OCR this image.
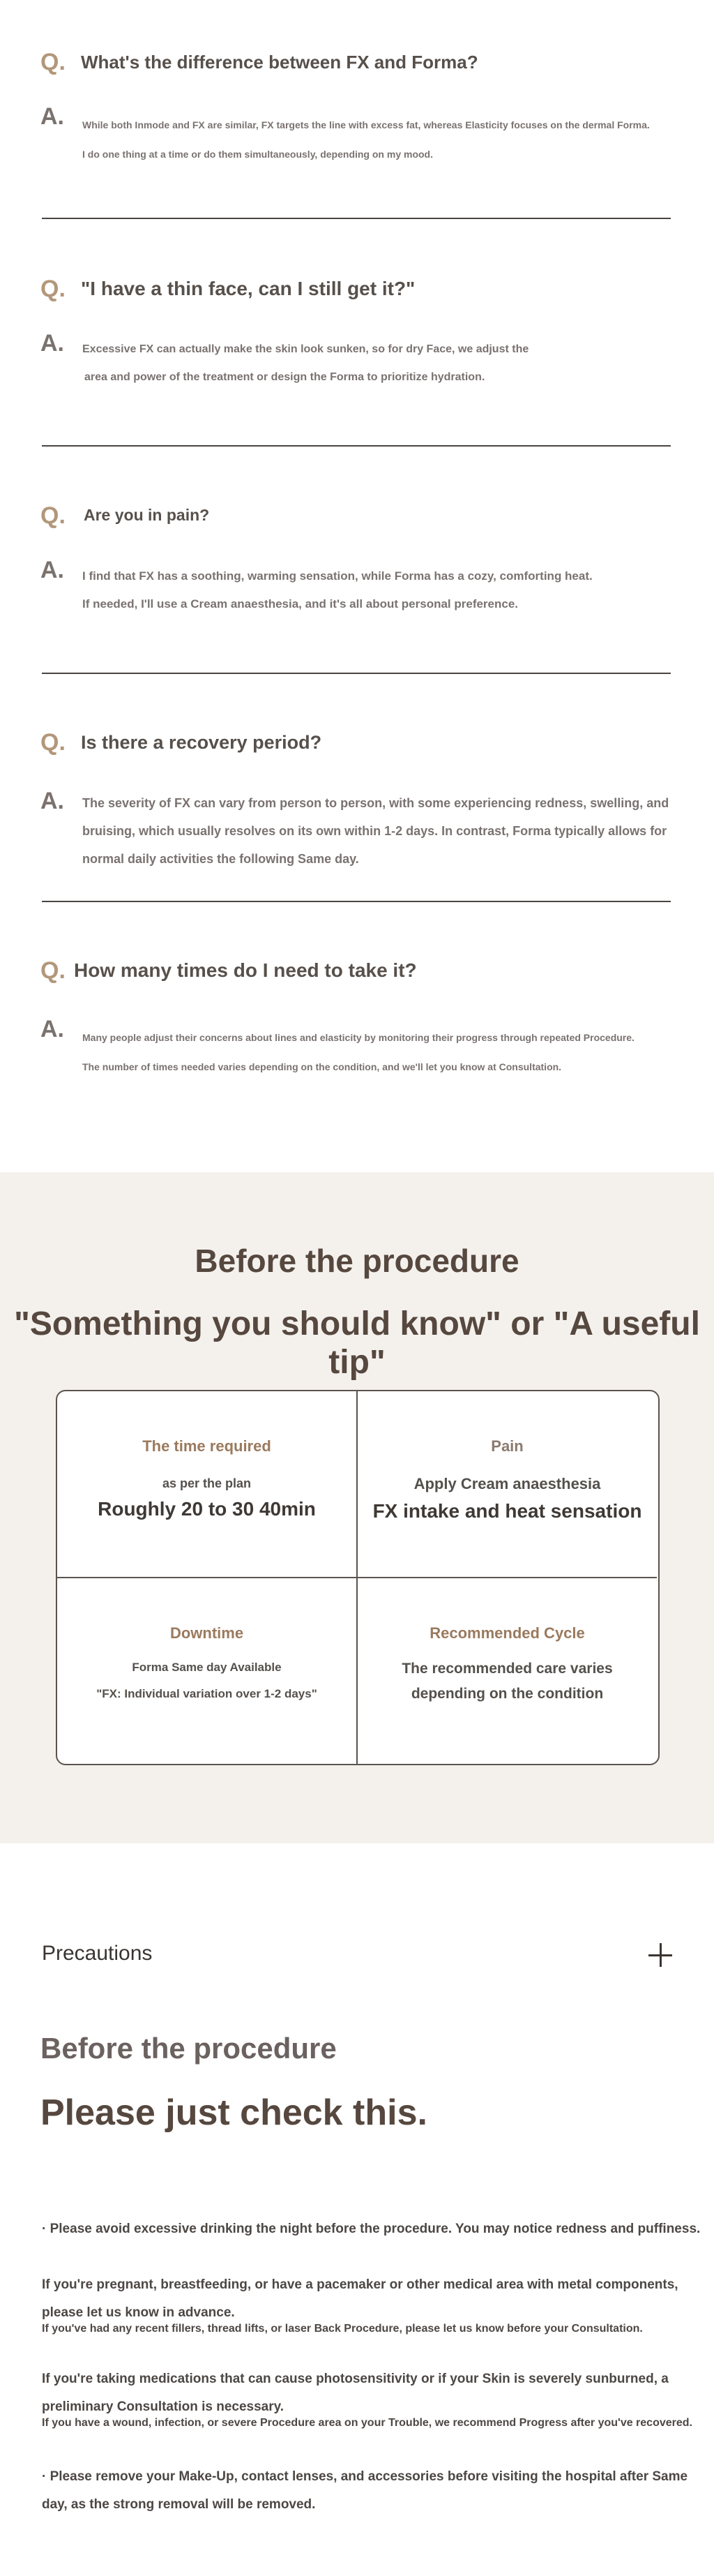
Q. What's the difference between FX and Forma?
A. While both Inmode and FX are similar, FX targets the line with excess fat, whereas Elasticity focuses on the dermal Forma.

I do one thing at a time or do them simultaneously, depending on my mood.

Q. "I have a thin face, can I still get it?"
A. Excessive FX can actually make the skin look sunken, so for dry Face, we adjust the

area and power of the treatment or design the Forma to prioritize hydration.

Q. Are you in pain?
A. I find that FX has a soothing, warming sensation, while Forma has a cozy, comforting heat.

If needed, I'll use a Cream anaesthesia, and it's all about personal preference.

Q. Is there a recovery period?
A. The severity of FX can vary from person to person, with some experiencing redness, swelling, and

bruising, which usually resolves on its own within 1-2 days. In contrast, Forma typically allows for

normal daily activities the following Same day.

Q. How many times do I need to take it?
A. Many people adjust their concerns about lines and elasticity by monitoring their progress through repeated Procedure.

The number of times needed varies depending on the condition, and we'll let you know at Consultation.

Before the procedure
"Something you should know" or "A useful tip"
The time required
as per the plan
Roughly 20 to 30 40min
Pain
Apply Cream anaesthesia
FX intake and heat sensation
Downtime
Forma Same day Available
"FX: Individual variation over 1-2 days"
Recommended Cycle
The recommended care varies
depending on the condition
Precautions
Before the procedure
Please just check this.

· Please avoid excessive drinking the night before the procedure. You may notice redness and puffiness.

If you're pregnant, breastfeeding, or have a pacemaker or other medical area with metal components,

please let us know in advance.

If you've had any recent fillers, thread lifts, or laser Back Procedure, please let us know before your Consultation.

If you're taking medications that can cause photosensitivity or if your Skin is severely sunburned, a

preliminary Consultation is necessary.

If you have a wound, infection, or severe Procedure area on your Trouble, we recommend Progress after you've recovered.

· Please remove your Make-Up, contact lenses, and accessories before visiting the hospital after Same

day, as the strong removal will be removed.
